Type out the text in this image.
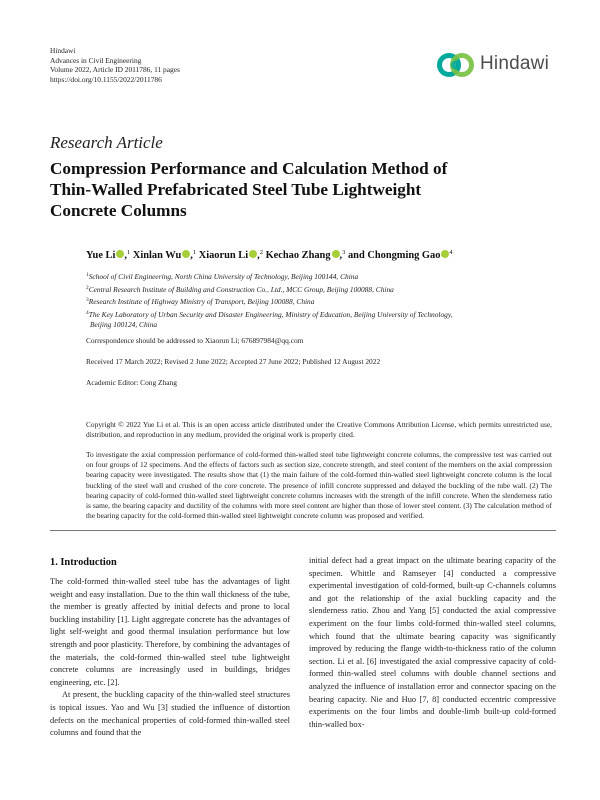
Hindawi
Advances in Civil Engineering
Volume 2022, Article ID 2011786, 11 pages
https://doi.org/10.1155/2022/2011786
Hindawi
Research Article
Compression Performance and Calculation Method of
Thin-Walled Prefabricated Steel Tube Lightweight
Concrete Columns
Yue Li ,$^1$ Xinlan Wu ,$^1$ Xiaorun Li ,$^2$ Kechao Zhang ,$^3$ and Chongming Gao $^4$
$^1$School of Civil Engineering, North China University of Technology, Beijing 100144, China
$^2$Central Research Institute of Building and Construction Co., Ltd., MCC Group, Beijing 100088, China
$^3$Research Institute of Highway Ministry of Transport, Beijing 100088, China
$^4$The Key Laboratory of Urban Security and Disaster Engineering, Ministry of Education, Beijing University of Technology,
Beijing 100124, China
Correspondence should be addressed to Xiaorun Li; 676897984@qq.com
Received 17 March 2022; Revised 2 June 2022; Accepted 27 June 2022; Published 12 August 2022
Academic Editor: Cong Zhang
Copyright © 2022 Yue Li et al. This is an open access article distributed under the Creative Commons Attribution License, which permits unrestricted use, distribution, and reproduction in any medium, provided the original work is properly cited.
To investigate the axial compression performance of cold-formed thin-walled steel tube lightweight concrete columns, the compressive test was carried out on four groups of 12 specimens. And the effects of factors such as section size, concrete strength, and steel content of the members on the axial compression bearing capacity were investigated. The results show that (1) the main failure of the cold-formed thin-walled steel lightweight concrete column is the local buckling of the steel wall and crushed of the core concrete. The presence of infill concrete suppressed and delayed the buckling of the tube wall. (2) The bearing capacity of cold-formed thin-walled steel lightweight concrete columns increases with the strength of the infill concrete. When the slenderness ratio is same, the bearing capacity and ductility of the columns with more steel content are higher than those of lower steel content. (3) The calculation method of the bearing capacity for the cold-formed thin-walled steel lightweight concrete column was proposed and verified.
1. Introduction

The cold-formed thin-walled steel tube has the advantages of light weight and easy installation. Due to the thin wall thickness of the tube, the member is greatly affected by initial defects and prone to local buckling instability [1]. Light aggregate concrete has the advantages of light self-weight and good thermal insulation performance but low strength and poor plasticity. Therefore, by combining the advantages of the materials, the cold-formed thin-walled steel tube lightweight concrete columns are increasingly used in buildings, bridges engineering, etc. [2].

At present, the buckling capacity of the thin-walled steel structures is topical issues. Yao and Wu [3] studied the influence of distortion defects on the mechanical properties of cold-formed thin-walled steel columns and found that the

initial defect had a great impact on the ultimate bearing capacity of the specimen. Whittle and Ramseyer [4] conducted a compressive experimental investigation of cold-formed, built-up C-channels columns and got the relationship of the axial buckling capacity and the slenderness ratio. Zhou and Yang [5] conducted the axial compressive experiment on the four limbs cold-formed thin-walled steel columns, which found that the ultimate bearing capacity was significantly improved by reducing the flange width-to-thickness ratio of the column section. Li et al. [6] investigated the axial compressive capacity of cold-formed thin-walled steel columns with double channel sections and analyzed the influence of installation error and connector spacing on the bearing capacity. Nie and Huo [7, 8] conducted eccentric compressive experiments on the four limbs and double-limb built-up cold-formed thin-walled box-
